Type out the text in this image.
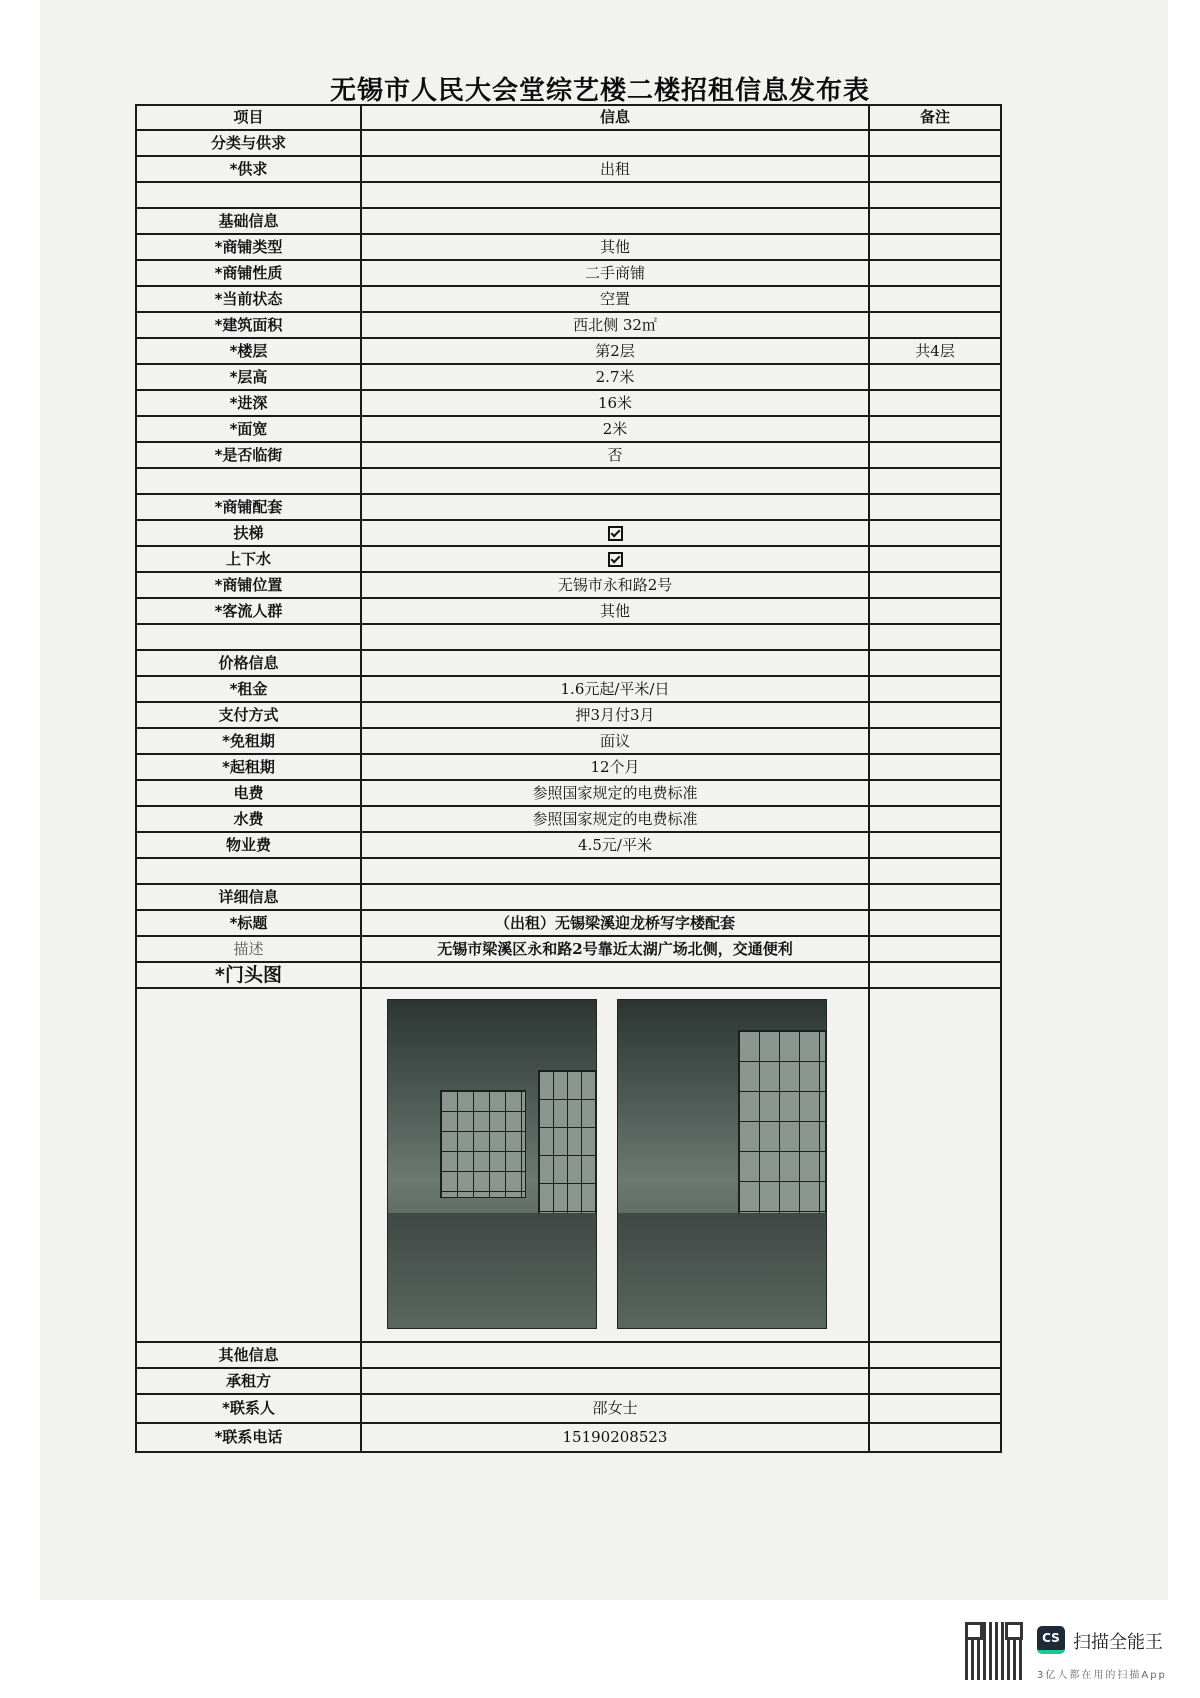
无锡市人民大会堂综艺楼二楼招租信息发布表
项目	信息	备注
分类与供求		
*供求	出租	

基础信息		
*商铺类型	其他	
*商铺性质	二手商铺	
*当前状态	空置	
*建筑面积	西北侧 32㎡	
*楼层	第2层	共4层
*层高	2.7米	
*进深	16米	
*面宽	2米	
*是否临街	否	

*商铺配套		
扶梯		
上下水		
*商铺位置	无锡市永和路2号	
*客流人群	其他	

价格信息		
*租金	1.6元起/平米/日	
支付方式	押3月付3月	
*免租期	面议	
*起租期	12个月	
电费	参照国家规定的电费标准	
水费	参照国家规定的电费标准	
物业费	4.5元/平米	

详细信息		
*标题	（出租）无锡梁溪迎龙桥写字楼配套	
描述	无锡市梁溪区永和路2号靠近太湖广场北侧，交通便利	
*门头图		

其他信息		
承租方		
*联系人	邵女士	
*联系电话	15190208523	
CS 扫描全能王
3亿人都在用的扫描App
